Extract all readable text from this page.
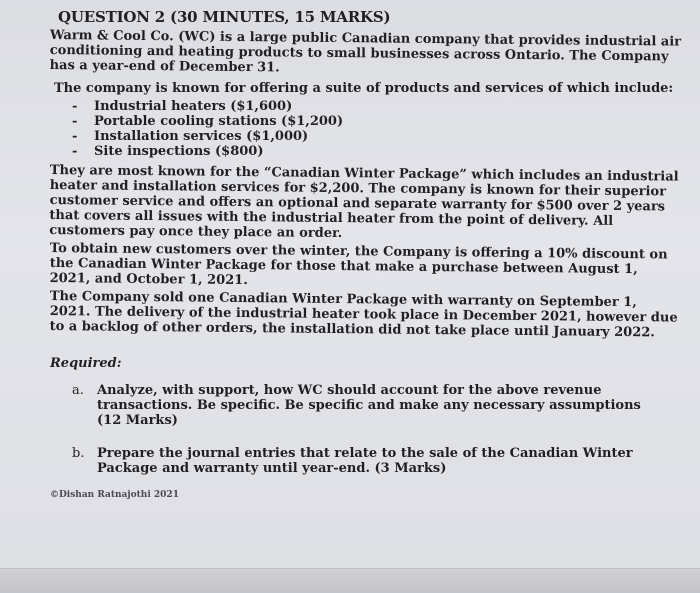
QUESTION 2 (30 MINUTES, 15 MARKS)

Warm & Cool Co. (WC) is a large public Canadian company that provides industrial air conditioning and heating products to small businesses across Ontario. The Company has a year-end of December 31.

The company is known for offering a suite of products and services of which include:

- Industrial heaters ($1,600)
- Portable cooling stations ($1,200)
- Installation services ($1,000)
- Site inspections ($800)

They are most known for the “Canadian Winter Package” which includes an industrial heater and installation services for $2,200. The company is known for their superior customer service and offers an optional and separate warranty for $500 over 2 years that covers all issues with the industrial heater from the point of delivery. All customers pay once they place an order.

To obtain new customers over the winter, the Company is offering a 10% discount on the Canadian Winter Package for those that make a purchase between August 1, 2021, and October 1, 2021.

The Company sold one Canadian Winter Package with warranty on September 1, 2021. The delivery of the industrial heater took place in December 2021, however due to a backlog of other orders, the installation did not take place until January 2022.

Required:
a.	Analyze, with support, how WC should account for the above revenue transactions. Be specific. Be specific and make any necessary assumptions (12 Marks)
b. Prepare the journal entries that relate to the sale of the Canadian Winter Package and warranty until year-end. (3 Marks)
©Dishan Ratnajothi 2021
